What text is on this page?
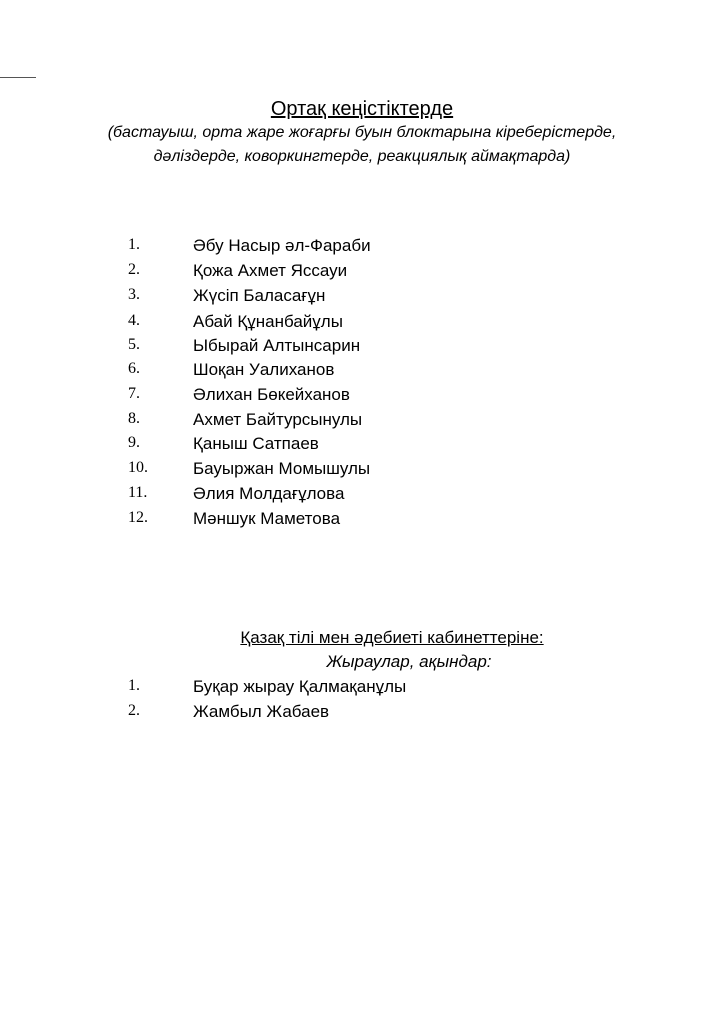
Ортақ кеңістіктерде
(бастауыш, орта жаре жоғарғы буын блоктарына кіреберістерде,
дәліздерде, коворкингтерде, реакциялық аймақтарда)
1.	Әбу Насыр әл-Фараби
2.	Қожа Ахмет Яссауи
3.	Жүсіп Баласағұн
4.	Абай Құнанбайұлы
5.	Ыбырай Алтынсарин
6.	Шоқан Уалиханов
7.	Әлихан Бөкейханов
8.	Ахмет Байтурсынулы
9.	Қаныш Сатпаев
10.	Бауыржан Момышулы
11.	Әлия Молдағұлова
12.	Мәншук Маметова
Қазақ тілі мен әдебиеті кабинеттеріне:
Жыраулар, ақындар:
1.	Буқар жырау Қалмақанұлы
2.	Жамбыл Жабаев
